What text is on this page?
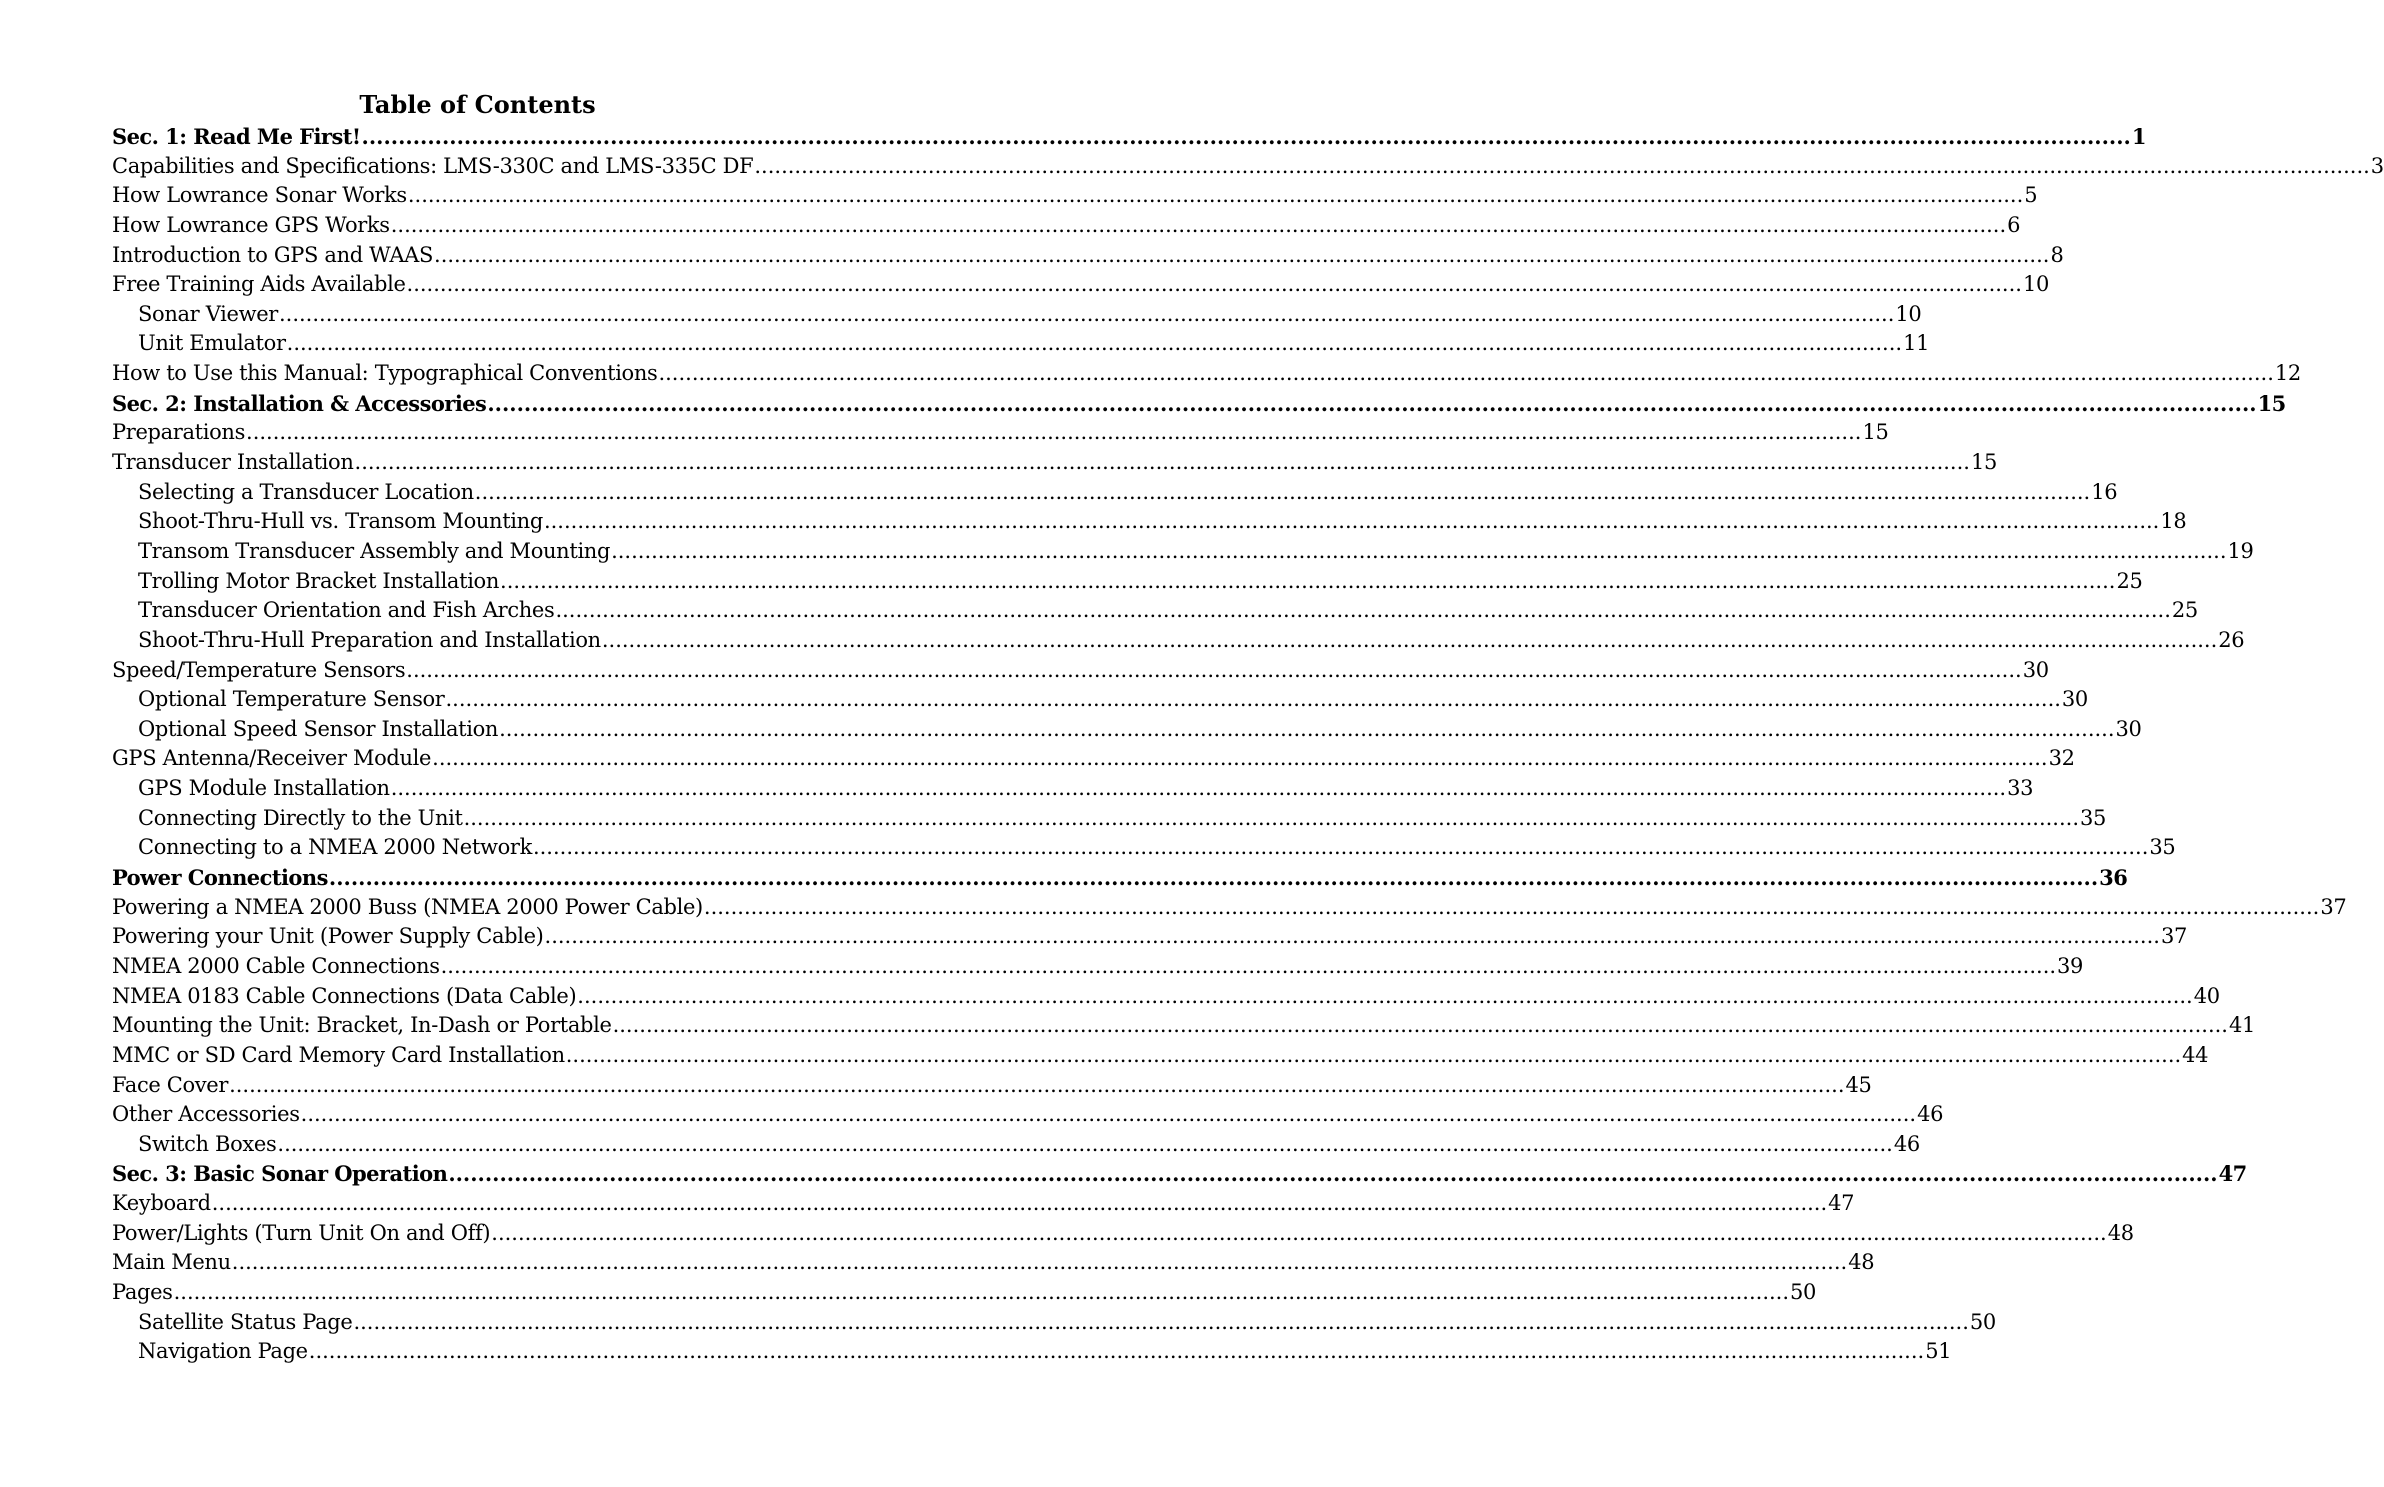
Table of Contents
Sec. 1: Read Me First! .....	1
Capabilities and Specifications: LMS-330C and LMS-335C DF .....	3
How Lowrance Sonar Works .....	5
How Lowrance GPS Works .....	6
Introduction to GPS and WAAS .....	8
Free Training Aids Available .....	10
Sonar Viewer .....	10
Unit Emulator .....	11
How to Use this Manual: Typographical Conventions .....	12
Sec. 2: Installation & Accessories .....	15
Preparations .....	15
Transducer Installation .....	15
Selecting a Transducer Location .....	16
Shoot-Thru-Hull vs. Transom Mounting .....	18
Transom Transducer Assembly and Mounting .....	19
Trolling Motor Bracket Installation .....	25
Transducer Orientation and Fish Arches .....	25
Shoot-Thru-Hull Preparation and Installation .....	26
Speed/Temperature Sensors .....	30
Optional Temperature Sensor .....	30
Optional Speed Sensor Installation .....	30
GPS Antenna/Receiver Module .....	32
GPS Module Installation .....	33
Connecting Directly to the Unit .....	35
Connecting to a NMEA 2000 Network .....	35
Power Connections .....	36
Powering a NMEA 2000 Buss (NMEA 2000 Power Cable) .....	37
Powering your Unit (Power Supply Cable) .....	37
NMEA 2000 Cable Connections .....	39
NMEA 0183 Cable Connections (Data Cable) .....	40
Mounting the Unit: Bracket, In-Dash or Portable .....	41
MMC or SD Card Memory Card Installation .....	44
Face Cover .....	45
Other Accessories .....	46
Switch Boxes .....	46
Sec. 3: Basic Sonar Operation .....	47
Keyboard .....	47
Power/Lights (Turn Unit On and Off) .....	48
Main Menu .....	48
Pages .....	50
Satellite Status Page .....	50
Navigation Page .....	51
